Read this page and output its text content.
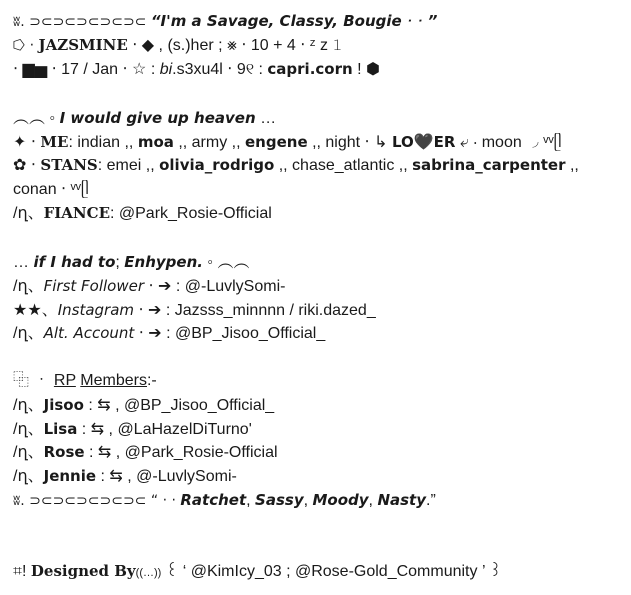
ʬ. ⊃⊂⊃⊂⊃⊂⊃⊂⊃⊂ “I'm a Savage, Classy, Bougie ‧ ‧ ”
⭔ ‧ JAZSMINE ‧ ◆ , (s.)her ; ⨳ ‧ 10 + 4 ‧ ᶻ z 𝟷
‧ ▆▅ ‧ 17 / Jan ‧ ☆ : bi.s3xu4l ‧ 9୧ : capri.corn ! ⬢
︵︵ ◦ I would give up heaven …
✦ ‧ ME: indian ,, moa ,, army ,, engene ,, night ‧ ↳ LO🖤ER ⤶ ‧ moon ◞ ᵛᵛᥫ
✿ ‧ STANS: emei ,, olivia_rodrigo ,, chase_atlantic ,, sabrina_carpenter ,, conan ‧ ᵛᵛᥫ
/ղ、FIANCE: @Park_Rosie-Official
… if I had to; Enhypen. ◦ ︵︵
/ղ、First Follower ‧ ➔ : @-LuvlySomi-
★★、Instagram ‧ ➔ : Jazsss_minnnn / riki.dazed_
/ղ、Alt. Account ‧ ➔ : @BP_Jisoo_Official_
⿻ ‧ RP Members:-
/ղ、Jisoo : ⇆ , @BP_Jisoo_Official_
/ղ、Lisa : ⇆ , @LaHazelDiTurno'
/ղ、Rose : ⇆ , @Park_Rosie-Official
/ղ、Jennie : ⇆ , @-LuvlySomi-
ʬ. ⊃⊂⊃⊂⊃⊂⊃⊂⊃⊂ “ ‧ ‧ Ratchet, Sassy, Moody, Nasty.”
⌗! Designed By((…)) ꒰ ‘ @KimIcy_03 ; @Rose-Gold_Community ’ ꒱
